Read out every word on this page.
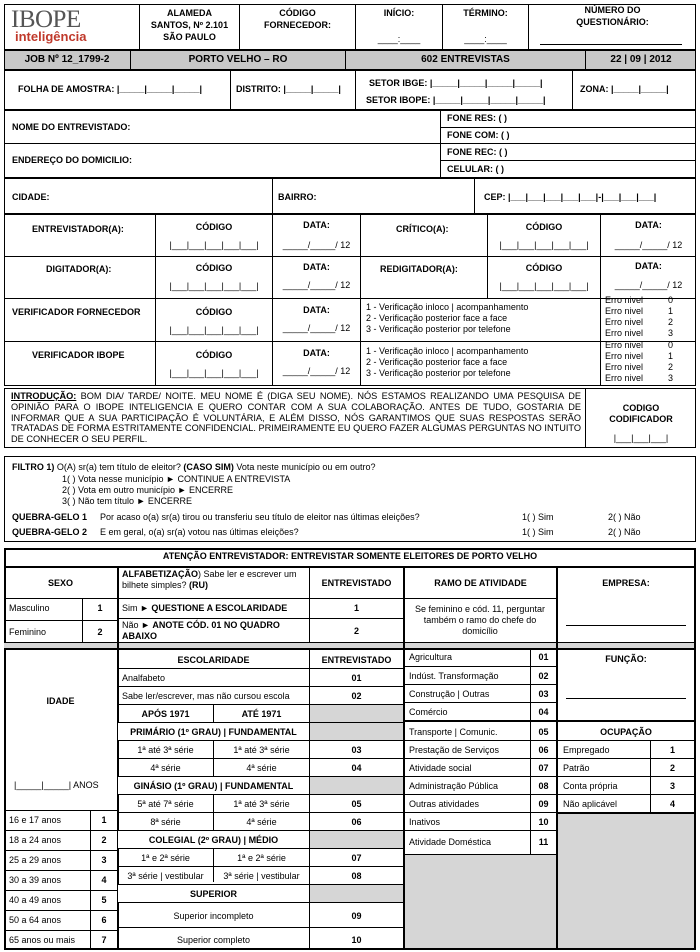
IBOPE
inteligência
ALAMEDA
SANTOS, Nº 2.101
SÃO PAULO
CÓDIGO
FORNECEDOR:
INÍCIO:
____:____
TÉRMINO:
____:____
NÚMERO DO
QUESTIONÁRIO:
JOB Nº 12_1799-2	PORTO VELHO – RO	602 ENTREVISTAS	22 | 09 | 2012
FOLHA DE AMOSTRA: |_____|_____|_____|	DISTRITO: |_____|_____|
SETOR IBGE: |_____|_____|_____|_____|
SETOR IBOPE: |_____|_____|_____|_____|
ZONA: |_____|_____|
NOME DO ENTREVISTADO:
ENDEREÇO DO DOMICILIO:
FONE RES: ( )
FONE COM: ( )
FONE REC: ( )
CELULAR: ( )
CIDADE:	BAIRRO:	CEP: |___|___|___|___|___|-|___|___|___|
ENTREVISTADOR(A):	CÓDIGO
|___|___|___|___|___|
DATA:
_____/_____/ 12
CRÍTICO(A):	CÓDIGO
|___|___|___|___|___|
DATA:
_____/_____/ 12
DIGITADOR(A):	CÓDIGO
|___|___|___|___|___|
DATA:
_____/_____/ 12
REDIGITADOR(A):	CÓDIGO
|___|___|___|___|___|
DATA:
_____/_____/ 12
VERIFICADOR FORNECEDOR	CÓDIGO
|___|___|___|___|___|
DATA:
_____/_____/ 12
1 - Verificação inloco | acompanhamento
2 - Verificação posterior face a face
3 - Verificação posterior por telefone
Erro nivel	0
Erro nivel	1
Erro nivel	2
Erro nivel	3
VERIFICADOR IBOPE	CÓDIGO
|___|___|___|___|___|
DATA:
_____/_____/ 12
1 - Verificação inloco | acompanhamento
2 - Verificação posterior face a face
3 - Verificação posterior por telefone
Erro nivel	0
Erro nivel	1
Erro nivel	2
Erro nivel	3
INTRODUÇÃO: BOM DIA/ TARDE/ NOITE. MEU NOME É (DIGA SEU NOME). NÓS ESTAMOS REALIZANDO UMA PESQUISA DE OPINIÃO PARA O IBOPE INTELIGENCIA E QUERO CONTAR COM A SUA COLABORAÇÃO. ANTES DE TUDO, GOSTARIA DE INFORMAR QUE A SUA PARTICIPAÇÃO É VOLUNTÁRIA, E ALÉM DISSO, NÓS GARANTIMOS QUE SUAS RESPOSTAS SERÃO TRATADAS DE FORMA ESTRITAMENTE CONFIDENCIAL. PRIMEIRAMENTE EU QUERO FAZER ALGUMAS PERGUNTAS NO INTUITO DE CONHECER O SEU PERFIL.
CODIGO
CODIFICADOR
|___|___|___|
FILTRO 1) O(A) sr(a) tem título de eleitor? (CASO SIM) Vota neste município ou em outro?
1( ) Vota nesse município ► CONTINUE A ENTREVISTA
2( ) Vota em outro município ► ENCERRE
3( ) Não tem título ► ENCERRE
QUEBRA-GELO 1 Por acaso o(a) sr(a) tirou ou transferiu seu título de eleitor nas últimas eleições?	1( ) Sim	2( ) Não
QUEBRA-GELO 2 E em geral, o(a) sr(a) votou nas últimas eleições?	1( ) Sim	2( ) Não
ATENÇÃO ENTREVISTADOR: ENTREVISTAR SOMENTE ELEITORES DE PORTO VELHO
SEXO
Masculino	1
Feminino	2
IDADE
|_____|_____| ANOS
16 e 17 anos	1
18 a 24 anos	2
25 a 29 anos	3
30 a 39 anos	4
40 a 49 anos	5
50 a 64 anos	6
65 anos ou mais	7
ALFABETIZAÇÃO) Sabe ler e escrever um bilhete simples? (RU)	ENTREVISTADO
Sim ► QUESTIONE A ESCOLARIDADE	1
Não ► ANOTE CÓD. 01 NO QUADRO ABAIXO	2
ESCOLARIDADE	ENTREVISTADO
Analfabeto	01
Sabe ler/escrever, mas não cursou escola	02
APÓS 1971	ATÉ 1971
PRIMÁRIO (1º GRAU) | FUNDAMENTAL
1ª até 3ª série	1ª até 3ª série	03
4ª série	4ª série	04
GINÁSIO (1º GRAU) | FUNDAMENTAL
5ª até 7ª série	1ª até 3ª série	05
8ª série	4ª série	06
COLEGIAL (2º GRAU) | MÉDIO
1ª e 2ª série	1ª e 2ª série	07
3ª série | vestibular	3ª série | vestibular	08
SUPERIOR
Superior incompleto	09
Superior completo	10
RAMO DE ATIVIDADE
Se feminino e cód. 11, perguntar também o ramo do chefe do domicílio
Agricultura	01
Indúst. Transformação	02
Construção | Outras	03
Comércio	04
Transporte | Comunic.	05
Prestação de Serviços	06
Atividade social	07
Administração Pública	08
Outras atividades	09
Inativos	10
Atividade Doméstica	11
EMPRESA:
FUNÇÃO:
OCUPAÇÃO
Empregado	1
Patrão	2
Conta própria	3
Não aplicável	4
